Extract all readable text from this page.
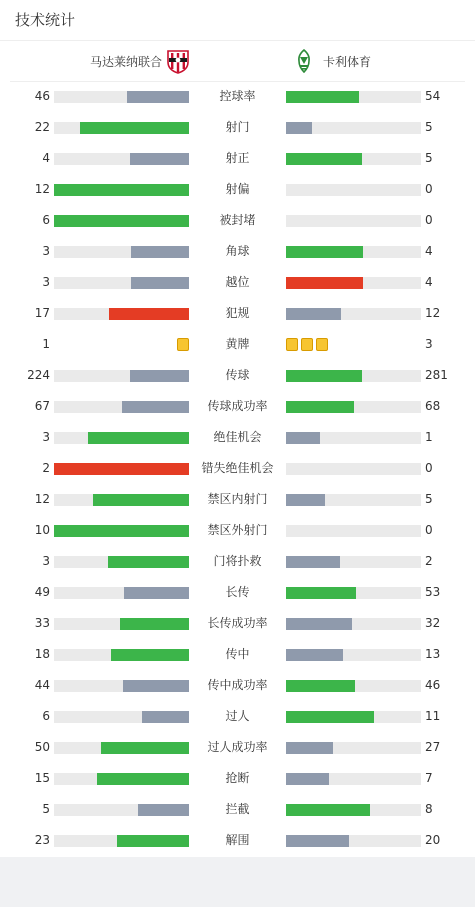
技术统计
马达莱纳联合	卡利体育
46	控球率	54
22	射门	5
4	射正	5
12	射偏	0
6	被封堵	0
3	角球	4
3	越位	4
17	犯规	12
1	黄牌	3
224	传球	281
67	传球成功率	68
3	绝佳机会	1
2	错失绝佳机会	0
12	禁区内射门	5
10	禁区外射门	0
3	门将扑救	2
49	长传	53
33	长传成功率	32
18	传中	13
44	传中成功率	46
6	过人	11
50	过人成功率	27
15	抢断	7
5	拦截	8
23	解围	20
